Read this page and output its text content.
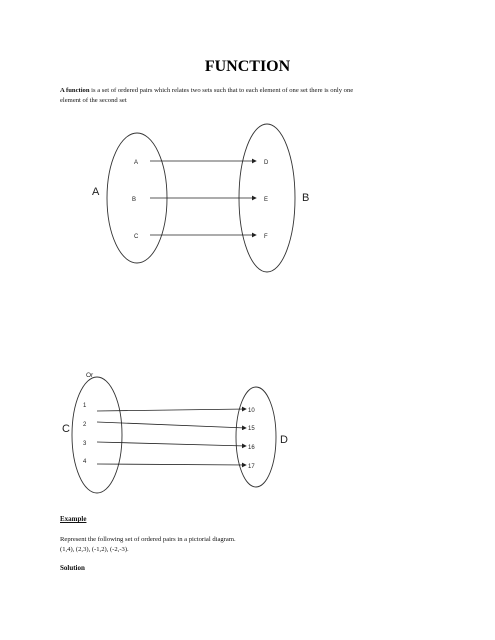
FUNCTION
A function is a set of ordered pairs which relates two sets such that to each element of one set there is only one
element of the second set
A	B
A
B
C
D
E
F
Or
C
D
1
2
3
4
10
15
16
17
Example
Represent the following set of ordered pairs in a pictorial diagram.
(1,4), (2,3), (-1,2), (-2,-3).
Solution
